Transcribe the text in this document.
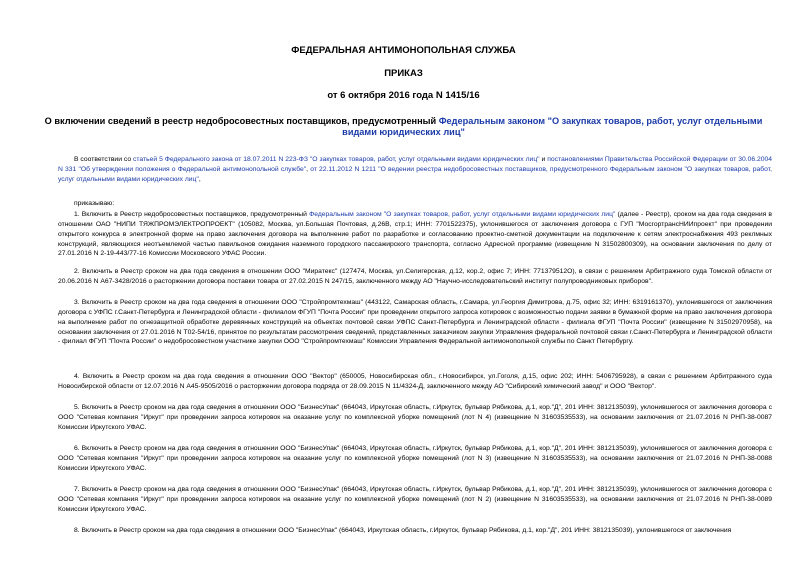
ФЕДЕРАЛЬНАЯ АНТИМОНОПОЛЬНАЯ СЛУЖБА
ПРИКАЗ
от 6 октября 2016 года N 1415/16
О включении сведений в реестр недобросовестных поставщиков, предусмотренный Федеральным законом "О закупках товаров, работ, услуг отдельными видами юридических лиц"

В соответствии со статьей 5 Федерального закона от 18.07.2011 N 223-ФЗ "О закупках товаров, работ, услуг отдельными видами юридических лиц" и постановлениями Правительства Российской Федерации от 30.06.2004 N 331 "Об утверждении положения о Федеральной антимонопольной службе", от 22.11.2012 N 1211 "О ведении реестра недобросовестных поставщиков, предусмотренного Федеральным законом "О закупках товаров, работ, услуг отдельными видами юридических лиц",

приказываю:

1. Включить в Реестр недобросовестных поставщиков, предусмотренный Федеральным законом "О закупках товаров, работ, услуг отдельными видами юридических лиц" (далее - Реестр), сроком на два года сведения в отношении ОАО "НИПИ ТЯЖПРОМЭЛЕКТРОПРОЕКТ" (105082, Москва, ул.Большая Почтовая, д.26В, стр.1; ИНН: 7701522375), уклонившегося от заключения договора с ГУП "МосгортрансНИИпроект" при проведении открытого конкурса в электронной форме на право заключения договора на выполнение работ по разработке и согласованию проектно-сметной документации на подключение к сетям электроснабжения 493 реклмных конструкций, являющихся неотъемлемой частью павильонов ожидания наземного городского пассажирского транспорта, согласно Адресной программе (извещение N 31502800309), на основании заключения по делу от 27.01.2016 N 2-19-443/77-16 Комиссии Московского УФАС России.

2. Включить в Реестр сроком на два года сведения в отношении ООО "Миратекс" (127474, Москва, ул.Селигерская, д.12, кор.2, офис 7; ИНН: 771379512О), в связи с решением Арбитражного суда Томской области от 20.06.2016 N А67-3428/2016 о расторжении договора поставки товара от 27.02.2015 N 247/15, заключенного между АО "Научно-исследовательский институт полупроводниковых приборов".

3. Включить в Реестр сроком на два года сведения в отношении ООО "Стройпромтехмаш" (443122, Самарская область, г.Самара, ул.Георгия Димитрова, д.75, офис 32; ИНН: 6319161370), уклонившегося от заключения договора с УФПС г.Санкт-Петербурга и Ленинградской области - филиалом ФГУП "Почта России" при проведении открытого запроса котировок с возможностью подачи заявки в бумажной форме на право заключения договора на выполнение работ по огнезащитной обработке деревянных конструкций на объектах почтовой связи УФПС Санкт-Петербурга и Ленинградской области - филиала ФГУП "Почта России" (извещение N 31502970958), на основании заключения от 27.01.2016 N Т02-54/16, принятое по результатам рассмотрения сведений, представленных заказчиком закупки Управления федеральной почтовой связи г.Санкт-Петербурга и Ленинградской области - филиал ФГУП "Почта России" о недобросовестном участнике закупки ООО "Стройпромтехмаш" Комиссии Управления Федеральной антимонопольной службы по Санкт Петербургу.

4. Включить в Реестр сроком на два года сведения в отношении ООО "Вектор" (650005, Новосибирская обл., г.Новосибирск, ул.Гоголя, д.15, офис 202; ИНН: 5406795928), в связи с решением Арбитражного суда Новосибирской области от 12.07.2016 N А45-9505/2016 о расторжении договора подряда от 28.09.2015 N 11/4324-Д, заключенного между АО "Сибирский химический завод" и ООО "Вектор".

5. Включить в Реестр сроком на два года сведения в отношении ООО "БизнесУпак" (664043, Иркутская область, г.Иркутск, бульвар Рябикова, д.1, кор."Д", 201 ИНН: 3812135039), уклонившегося от заключения договора с ООО "Сетевая компания "Иркут" при проведении запроса котировок на оказание услуг по комплексной уборке помещений (лот N 4) (извещение N 31603535533), на основании заключения от 21.07.2016 N РНП-38-0087 Комиссии Иркутского УФАС.

6. Включить в Реестр сроком на два года сведения в отношении ООО "БизнесУпак" (664043, Иркутская область, г.Иркутск, бульвар Рябикова, д.1, кор."Д", 201 ИНН: 3812135039), уклонившегося от заключения договора с ООО "Сетевая компания "Иркут" при проведении запроса котировок на оказание услуг по комплексной уборке помещений (лот N 3) (извещение N 31603535533), на основании заключения от 21.07.2016 N РНП-38-0088 Комиссии Иркутского УФАС.

7. Включить в Реестр сроком на два года сведения в отношении ООО "БизнесУпак" (664043, Иркутская область, г.Иркутск, бульвар Рябикова, д.1, кор."Д", 201 ИНН: 3812135039), уклонившегося от заключения договора с ООО "Сетевая компания "Иркут" при проведении запроса котировок на оказание услуг по комплексной уборке помещений (лот N 2) (извещение N 31603535533), на основании заключения от 21.07.2016 N РНП-38-0089 Комиссии Иркутского УФАС.

8. Включить в Реестр сроком на два года сведения в отношении ООО "БизнесУпак" (664043, Иркутская область, г.Иркутск, бульвар Рябикова, д.1, кор."Д", 201 ИНН: 3812135039), уклонившегося от заключения
